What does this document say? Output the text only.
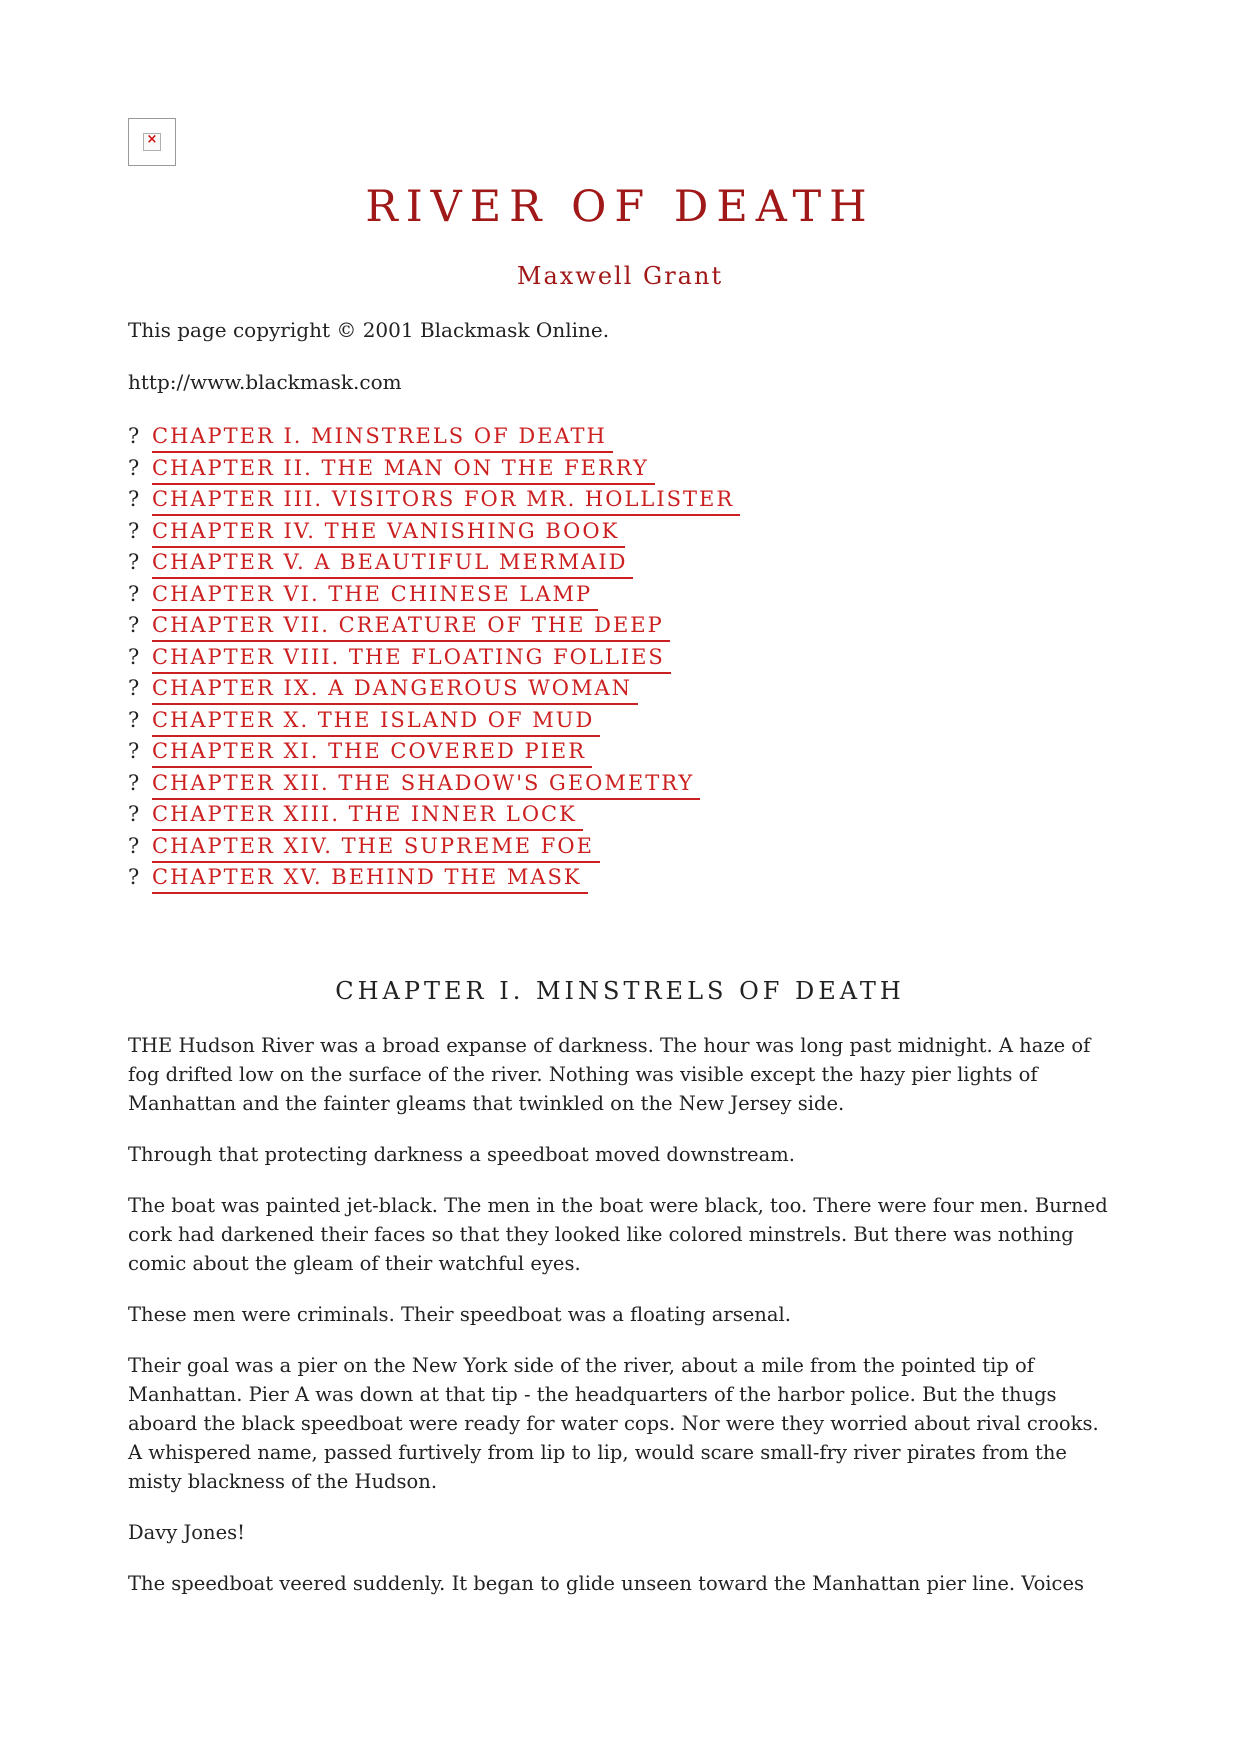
×
RIVER OF DEATH
Maxwell Grant
This page copyright © 2001 Blackmask Online.
http://www.blackmask.com
? CHAPTER I. MINSTRELS OF DEATH
? CHAPTER II. THE MAN ON THE FERRY
? CHAPTER III. VISITORS FOR MR. HOLLISTER
? CHAPTER IV. THE VANISHING BOOK
? CHAPTER V. A BEAUTIFUL MERMAID
? CHAPTER VI. THE CHINESE LAMP
? CHAPTER VII. CREATURE OF THE DEEP
? CHAPTER VIII. THE FLOATING FOLLIES
? CHAPTER IX. A DANGEROUS WOMAN
? CHAPTER X. THE ISLAND OF MUD
? CHAPTER XI. THE COVERED PIER
? CHAPTER XII. THE SHADOW'S GEOMETRY
? CHAPTER XIII. THE INNER LOCK
? CHAPTER XIV. THE SUPREME FOE
? CHAPTER XV. BEHIND THE MASK
CHAPTER I. MINSTRELS OF DEATH

THE Hudson River was a broad expanse of darkness. The hour was long past midnight. A haze of fog drifted low on the surface of the river. Nothing was visible except the hazy pier lights of Manhattan and the fainter gleams that twinkled on the New Jersey side.

Through that protecting darkness a speedboat moved downstream.

The boat was painted jet-black. The men in the boat were black, too. There were four men. Burned cork had darkened their faces so that they looked like colored minstrels. But there was nothing comic about the gleam of their watchful eyes.

These men were criminals. Their speedboat was a floating arsenal.

Their goal was a pier on the New York side of the river, about a mile from the pointed tip of Manhattan. Pier A was down at that tip - the headquarters of the harbor police. But the thugs aboard the black speedboat were ready for water cops. Nor were they worried about rival crooks. A whispered name, passed furtively from lip to lip, would scare small-fry river pirates from the misty blackness of the Hudson.

Davy Jones!

The speedboat veered suddenly. It began to glide unseen toward the Manhattan pier line. Voices
